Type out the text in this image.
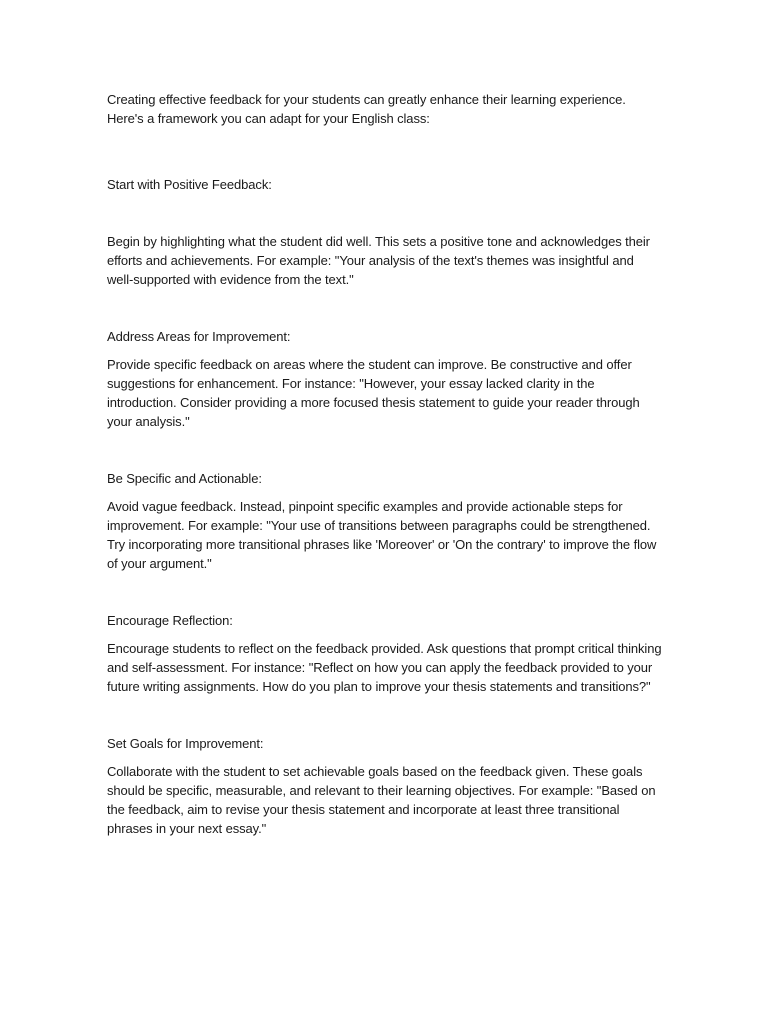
Creating effective feedback for your students can greatly enhance their learning experience. Here's a framework you can adapt for your English class:

Start with Positive Feedback:

Begin by highlighting what the student did well. This sets a positive tone and acknowledges their efforts and achievements. For example: "Your analysis of the text's themes was insightful and well-supported with evidence from the text."

Address Areas for Improvement:

Provide specific feedback on areas where the student can improve. Be constructive and offer suggestions for enhancement. For instance: "However, your essay lacked clarity in the introduction. Consider providing a more focused thesis statement to guide your reader through your analysis."

Be Specific and Actionable:

Avoid vague feedback. Instead, pinpoint specific examples and provide actionable steps for improvement. For example: "Your use of transitions between paragraphs could be strengthened. Try incorporating more transitional phrases like 'Moreover' or 'On the contrary' to improve the flow of your argument."

Encourage Reflection:

Encourage students to reflect on the feedback provided. Ask questions that prompt critical thinking and self-assessment. For instance: "Reflect on how you can apply the feedback provided to your future writing assignments. How do you plan to improve your thesis statements and transitions?"

Set Goals for Improvement:

Collaborate with the student to set achievable goals based on the feedback given. These goals should be specific, measurable, and relevant to their learning objectives. For example: "Based on the feedback, aim to revise your thesis statement and incorporate at least three transitional phrases in your next essay."
